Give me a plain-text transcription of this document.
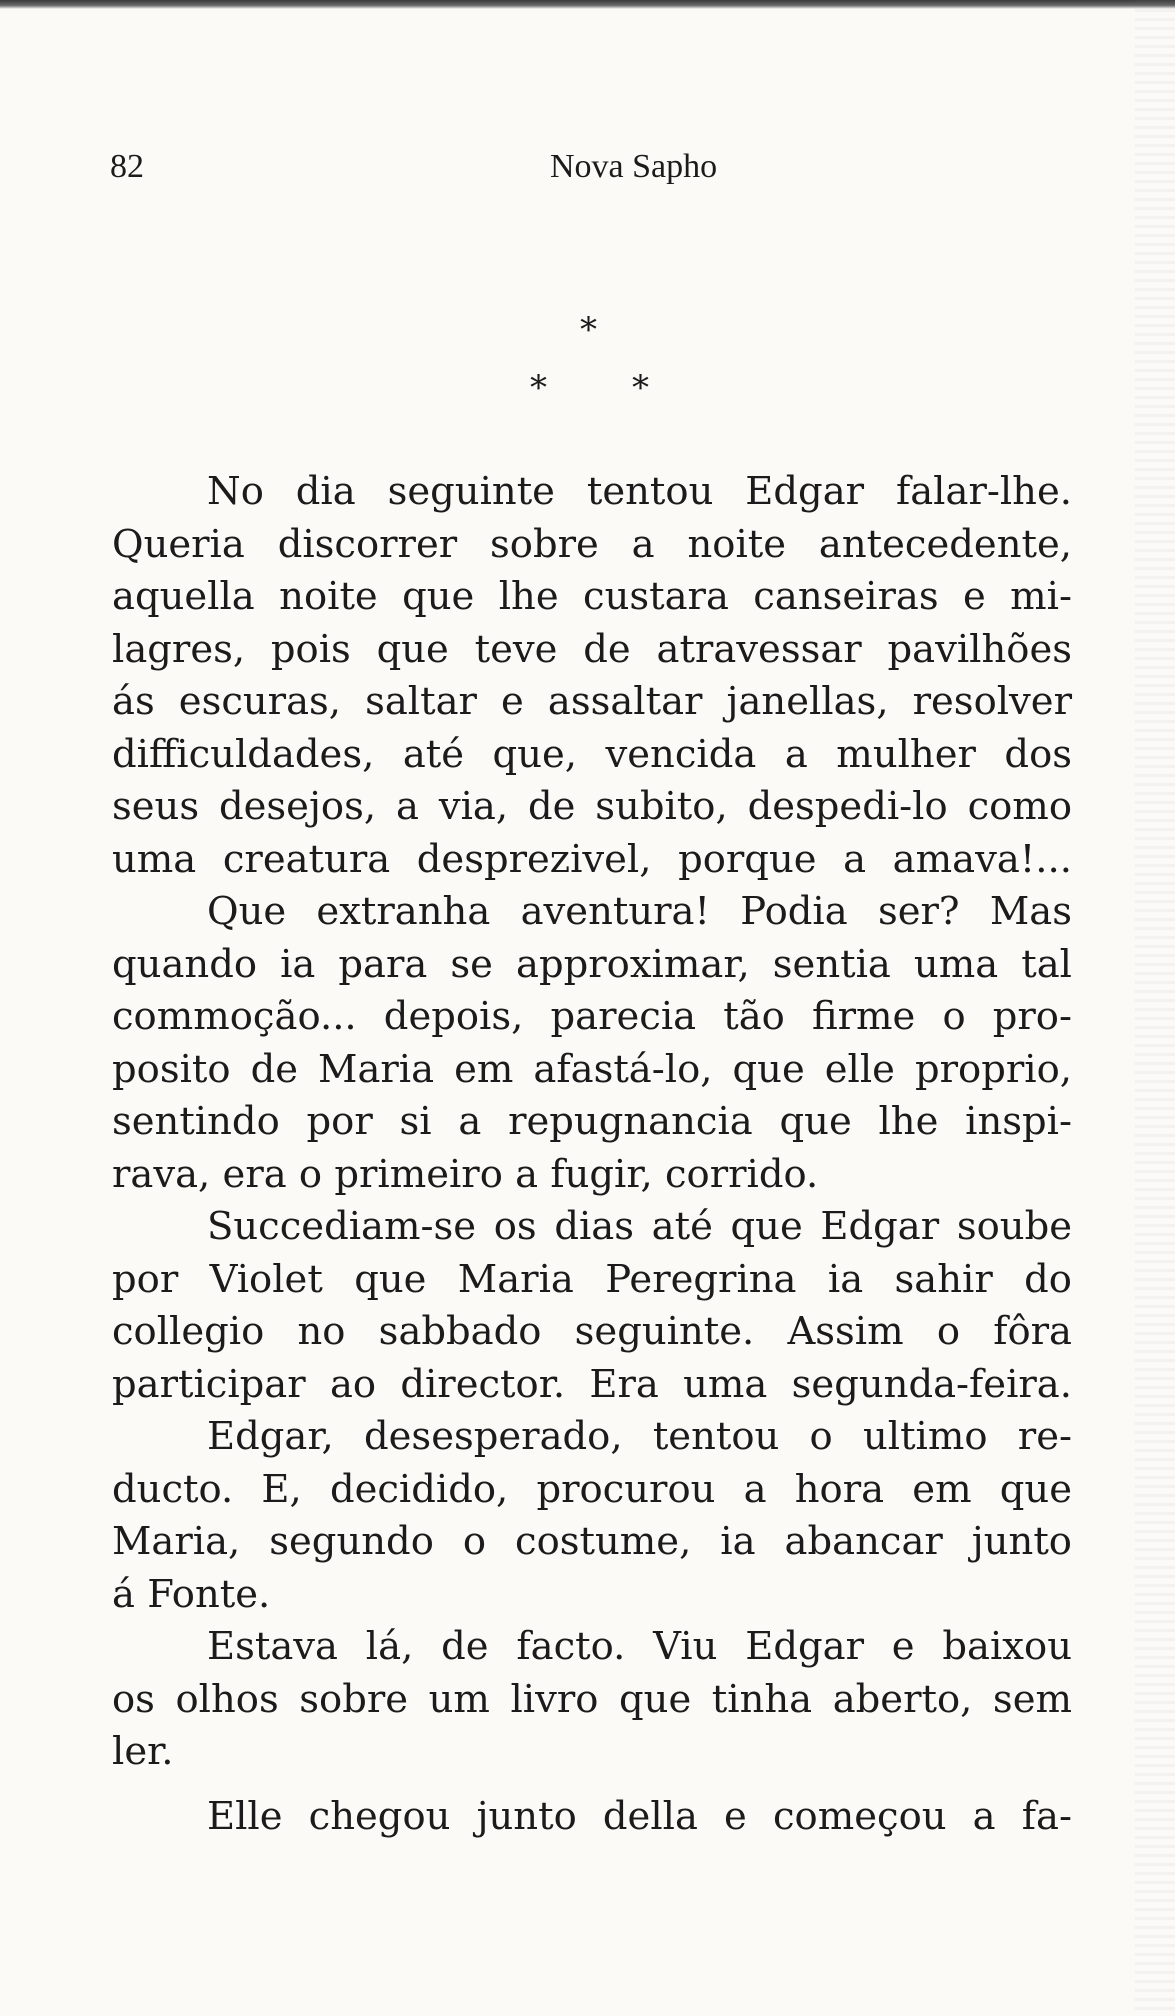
82	Nova Sapho
*
*	*
No dia seguinte tentou Edgar falar-lhe.
Queria discorrer sobre a noite antecedente,
aquella noite que lhe custara canseiras e mi-
lagres, pois que teve de atravessar pavilhões
ás escuras, saltar e assaltar janellas, resolver
difficuldades, até que, vencida a mulher dos
seus desejos, a via, de subito, despedi-lo como
uma creatura desprezivel, porque a amava!...
Que extranha aventura! Podia ser? Mas
quando ia para se approximar, sentia uma tal
commoção... depois, parecia tão firme o pro-
posito de Maria em afastá-lo, que elle proprio,
sentindo por si a repugnancia que lhe inspi-
rava, era o primeiro a fugir, corrido.
Succediam-se os dias até que Edgar soube
por Violet que Maria Peregrina ia sahir do
collegio no sabbado seguinte. Assim o fôra
participar ao director. Era uma segunda-feira.
Edgar, desesperado, tentou o ultimo re-
ducto. E, decidido, procurou a hora em que
Maria, segundo o costume, ia abancar junto
á Fonte.
Estava lá, de facto. Viu Edgar e baixou
os olhos sobre um livro que tinha aberto, sem
ler.
Elle chegou junto della e começou a fa-
